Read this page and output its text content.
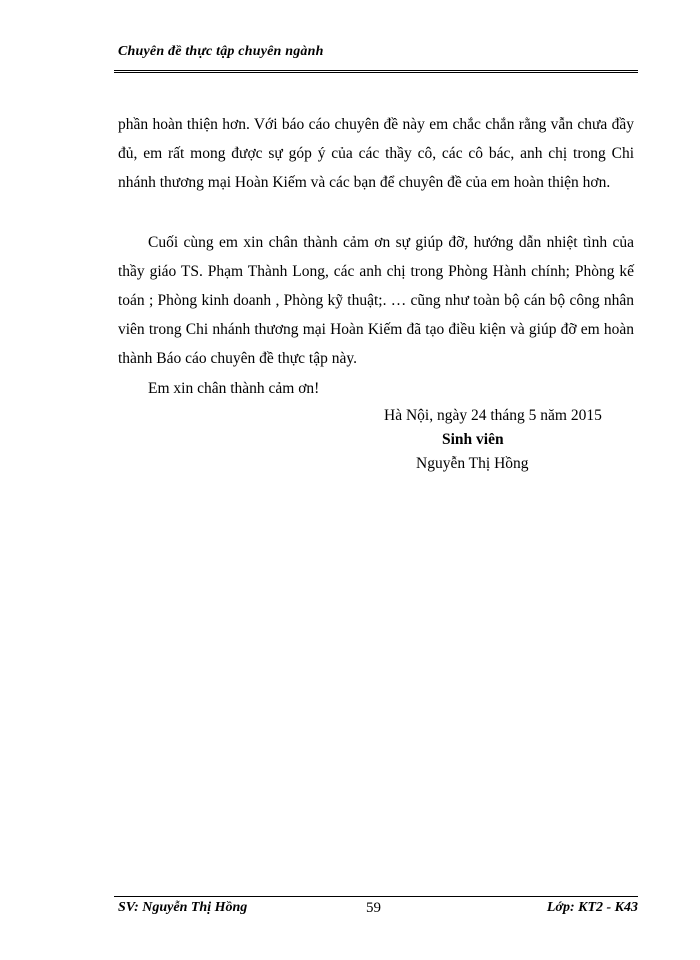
Chuyên đề thực tập chuyên ngành

phần hoàn thiện hơn. Với báo cáo chuyên đề này em chắc chắn rằng vẫn chưa đầy đủ, em rất mong được sự góp ý của các thầy cô, các cô bác, anh chị trong Chi nhánh thương mại Hoàn Kiếm và các bạn để chuyên đề của em hoàn thiện hơn.

Cuối cùng em xin chân thành cảm ơn sự giúp đỡ, hướng dẫn nhiệt tình của thầy giáo TS. Phạm Thành Long, các anh chị trong Phòng Hành chính; Phòng kế toán ; Phòng kinh doanh , Phòng kỹ thuật;. … cũng như toàn bộ cán bộ công nhân viên trong Chi nhánh thương mại Hoàn Kiếm đã tạo điều kiện và giúp đỡ em hoàn thành Báo cáo chuyên đề thực tập này.

Em xin chân thành cảm ơn!

Hà Nội, ngày 24 tháng 5 năm 2015
Sinh viên
Nguyễn Thị Hồng
SV: Nguyễn Thị Hồng	59	Lớp: KT2 - K43
